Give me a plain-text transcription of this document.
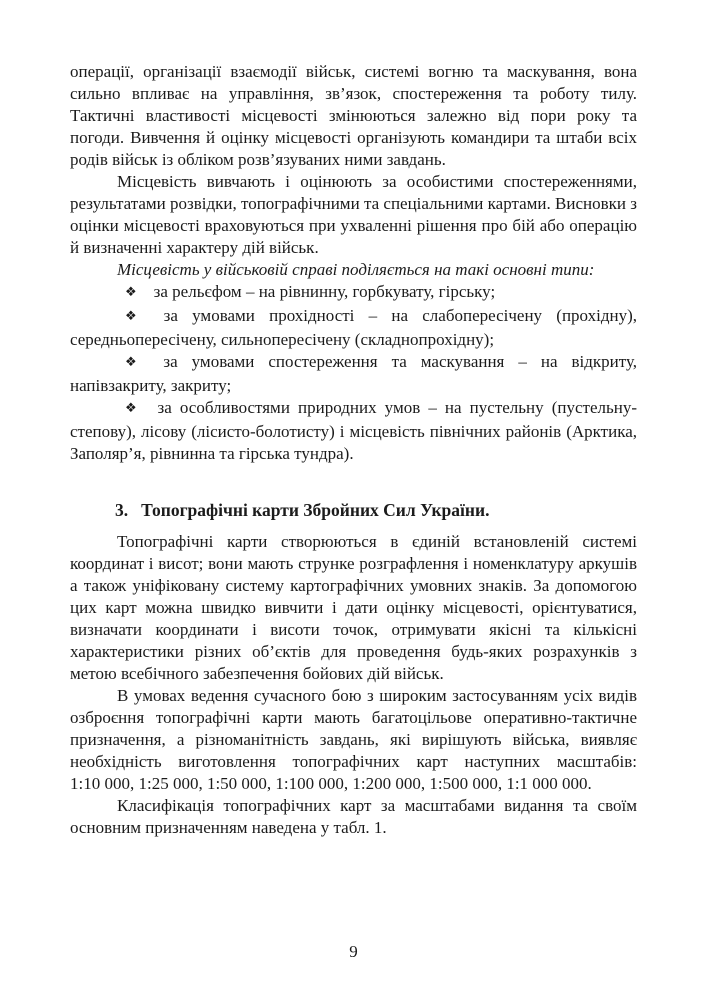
операції, організації взаємодії військ, системі вогню та маскування, вона сильно впливає на управління, зв’язок, спостереження та роботу тилу. Тактичні властивості місцевості змінюються залежно від пори року та погоди. Вивчення й оцінку місцевості організують командири та штаби всіх родів військ із обліком розв’язуваних ними завдань.

Місцевість вивчають і оцінюють за особистими спостереженнями, результатами розвідки, топографічними та спеціальними картами. Висновки з оцінки місцевості враховуються при ухваленні рішення про бій або операцію й визначенні характеру дій військ.

Місцевість у військовій справі поділяється на такі основні типи:

❖ за рельєфом – на рівнинну, горбкувату, гірську;

❖ за умовами прохідності – на слабопересічену (прохідну), середньопересічену, сильнопересічену (складнопрохідну);

❖ за умовами спостереження та маскування – на відкриту, напівзакриту, закриту;

❖ за особливостями природних умов – на пустельну (пустельну-степову), лісову (лісисто-болотисту) і місцевість північних районів (Арктика, Заполяр’я, рівнинна та гірська тундра).

3. Топографічні карти Збройних Сил України.

Топографічні карти створюються в єдиній встановленій системі координат і висот; вони мають струнке розграфлення і номенклатуру аркушів а також уніфіковану систему картографічних умовних знаків. За допомогою цих карт можна швидко вивчити і дати оцінку місцевості, орієнтуватися, визначати координати і висоти точок, отримувати якісні та кількісні характеристики різних об’єктів для проведення будь-яких розрахунків з метою всебічного забезпечення бойових дій військ.

В умовах ведення сучасного бою з широким застосуванням усіх видів озброєння топографічні карти мають багатоцільове оперативно-тактичне призначення, а різноманітність завдань, які вирішують війська, виявляє необхідність виготовлення топографічних карт наступних масштабів: 1:10 000, 1:25 000, 1:50 000, 1:100 000, 1:200 000, 1:500 000, 1:1 000 000.

Класифікація топографічних карт за масштабами видання та своїм основним призначенням наведена у табл. 1.

9
